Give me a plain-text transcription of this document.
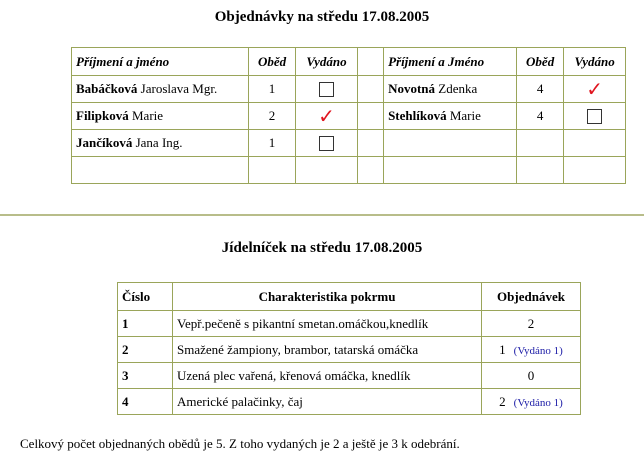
Objednávky na středu 17.08.2005
Příjmení a jméno	Oběd	Vydáno		Příjmení a Jméno	Oběd	Vydáno
Babáčková Jaroslava Mgr.	1			Novotná Zdenka	4	✓
Filipková Marie	2	✓		Stehlíková Marie	4	
Jančíková Jana Ing.	1					

Jídelníček na středu 17.08.2005
Číslo	Charakteristika pokrmu	Objednávek
1	Vepř.pečeně s pikantní smetan.omáčkou,knedlík	2
2	Smažené žampiony, brambor, tatarská omáčka	1 (Vydáno 1)
3	Uzená plec vařená, křenová omáčka, knedlík	0
4	Americké palačinky, čaj	2 (Vydáno 1)
Celkový počet objednaných obědů je 5. Z toho vydaných je 2 a ještě je 3 k odebrání.
